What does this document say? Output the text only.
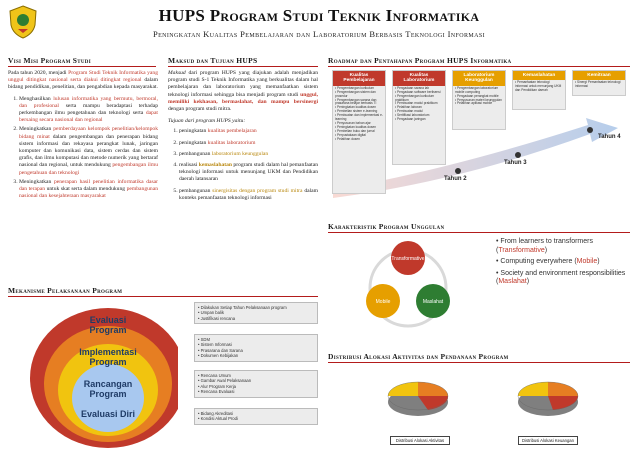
HUPS Program Studi Teknik Informatika
Peningkatan Kualitas Pembelajaran dan Laboratorium Berbasis Teknologi Informasi
Visi Misi Program Studi

Pada tahun 2020, menjadi Program Studi Teknik Informatika yang unggul ditingkat nasional serta diakui ditingkat regional dalam bidang pendidikan, penelitian, dan pengabdian kepada masyarakat.

1. Menghasilkan lulusan informatika yang bermutu, bermoral, dan profesional serta mampu beradaptasi terhadap perkembangan ilmu pengetahuan dan teknologi serta dapat bersaing secara nasional dan regional
2. Meningkatkan pemberdayaan kelompok penelitian/kelompok bidang minat dalam pengembangan dan penerapan bidang sistem informasi dan rekayasa perangkat lunak, jaringan komputer dan komunikasi data, sistem cerdas dan sistem grafis, dan ilmu komputasi dan metode numerik yang bertaraf nasional dan regional, untuk mendukung pengembangan ilmu pengetahuan dan teknologi
3. Meningkatkan penerapan hasil penelitian informatika dasar dan terapan untuk skat serta dalam mendukung pembangunan nasional dan kesejahteraan masyarakat
Maksud dan Tujuan HUPS

Maksud dari program HUPS yang diajukan adalah menjadikan program studi S-1 Teknik Informatika yang berkualitas dalam hal pembelajaran dan laboratorium yang memanfaatkan sistem teknologi informasi sehingga bisa menjadi program studi unggul, memiliki kekhasan, bermaslahat, dan mampu bersinergi dengan program studi mitra.

Tujuan dari program HUPS yaitu:

1. peningkatan kualitas pembelajaran
2. peningkatan kualitas laboratorium
3. pembangunan laboratorium keunggulan
4. realisasi kemaslahatan program studi dalam hal pemanfaatan teknologi informasi untuk menunjang UKM dan Pendidikan daerah latansaran
5. pembangunan sinergisitas dengan program studi mitra dalam konteks pemanfaatan teknologi informasi
Roadmap dan Pentahapan Program HUPS Informatika
Kualitas Pembelajaran
• Pengembangan kurikulum
• Pengembangan sistem dan prosedur
• Pengembangan sarana dan prasarana belajar berbasis TI
• Peningkatan kualitas dosen
• Pembelian sistem e-learning
• Pembuatan dan implementasi e-learning
• Penyusunan bahan ajar
• Peningkatan kualitas dosen
• Pembelian buku dan jurnal
• Perpustakaan digital
• Pelatihan dosen
Kualitas Laboratorium
• Pengadaan sarana lab
• Pengadaan software berlisensi
• Pengembangan kurikulum praktikum
• Pembuatan modul praktikum
• Pelatihan laboran
• Pembuatan modul
• Sertifikasi laboratorium
• Pengadaan jaringan
Laboratorium Keunggulan
• Pengembangan laboratorium mobile computing
• Pengadaan perangkat mobile
• Penyusunan materi keunggulan
• Pelatihan aplikasi mobile
Kemaslahatan
• Pemanfaatan teknologi informasi untuk menunjang UKM dan Pendidikan daerah
Kemitraan
• Sinergi Pemanfaatan teknologi informasi
Tahun 2
Tahun 3
Tahun 4
Karakteristik Program Unggulan
Transformative
Mobile	Maslahat
• From learners to transformers (Transformative)
• Computing everywhere (Mobile)
• Society and environment responsibilities (Maslahat)
Mekanisme Pelaksanaan Program
Evaluasi Program
• Dilakukan Setiap Tahun Pelaksanaan program
• Umpan balik
• Justifikasi rencana
Implementasi Program
• SDM
• Sistem Informasi
• Prasarana dan Sarana
• Dokumen Kebijakan
Rancangan Program
• Rencana Umum
• Gambar Awal Pelaksanaan
• Alur Program Kerja
• Rencana Evaluasi
Evaluasi Diri	• Bidang Akreditasi
• Kondisi Aktual Prodi
Distribusi Alokasi Aktivitas dan Pendanaan Program
Distribusi Alokasi Aktivitas	Distribusi Alokasi Keuangan
